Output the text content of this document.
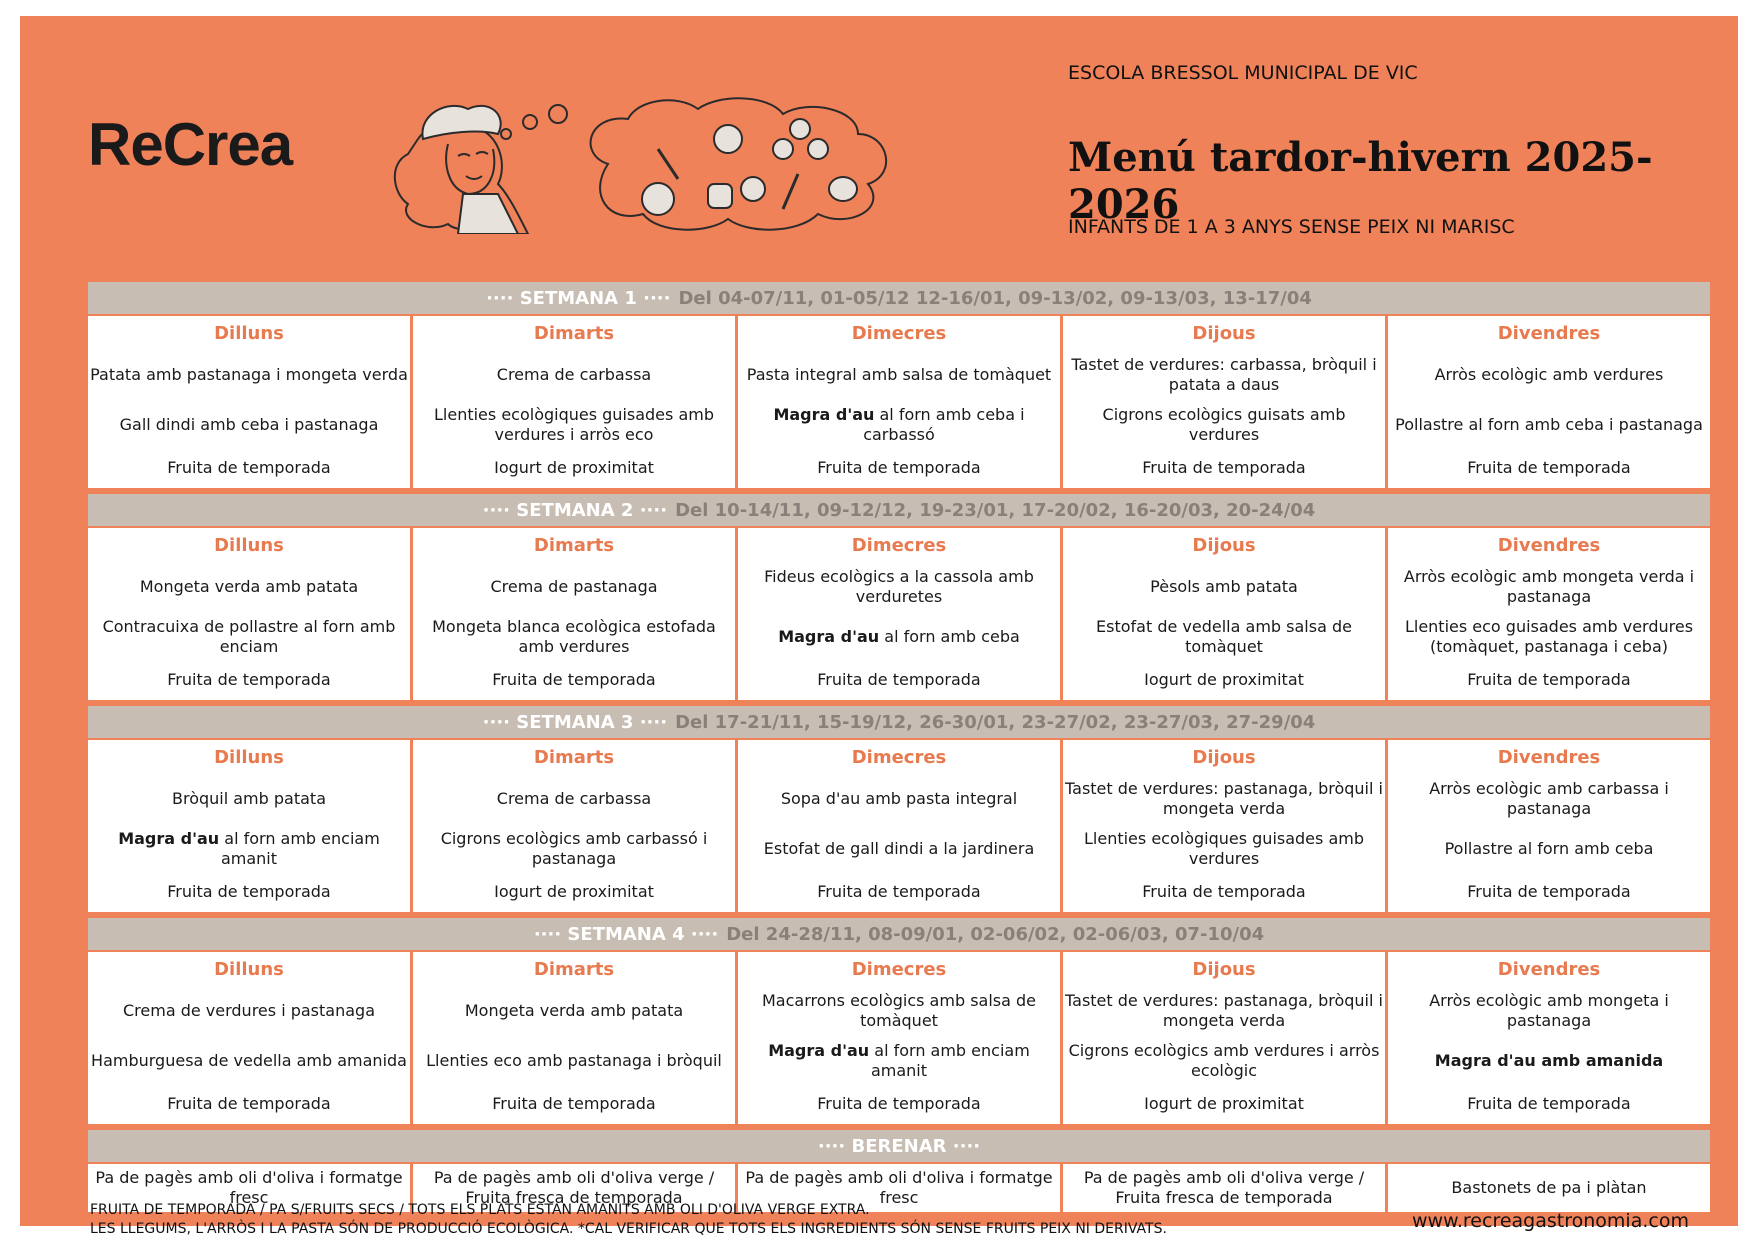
ReCrea
ESCOLA BRESSOL MUNICIPAL DE VIC
Menú tardor-hivern 2025-2026
INFANTS DE 1 A 3 ANYS SENSE PEIX NI MARISC
···· SETMANA 1 ···· Del 04-07/11, 01-05/12 12-16/01, 09-13/02, 09-13/03, 13-17/04
Dilluns
Patata amb pastanaga i mongeta verda
Gall dindi amb ceba i pastanaga
Fruita de temporada
Dimarts
Crema de carbassa
Llenties ecològiques guisades amb verdures i arròs eco
Iogurt de proximitat
Dimecres
Pasta integral amb salsa de tomàquet
Magra d'au al forn amb ceba i carbassó
Fruita de temporada
Dijous
Tastet de verdures: carbassa, bròquil i patata a daus
Cigrons ecològics guisats amb verdures
Fruita de temporada
Divendres
Arròs ecològic amb verdures
Pollastre al forn amb ceba i pastanaga
Fruita de temporada
···· SETMANA 2 ···· Del 10-14/11, 09-12/12, 19-23/01, 17-20/02, 16-20/03, 20-24/04
Dilluns
Mongeta verda amb patata
Contracuixa de pollastre al forn amb enciam
Fruita de temporada
Dimarts
Crema de pastanaga
Mongeta blanca ecològica estofada amb verdures
Fruita de temporada
Dimecres
Fideus ecològics a la cassola amb verduretes
Magra d'au al forn amb ceba
Fruita de temporada
Dijous
Pèsols amb patata
Estofat de vedella amb salsa de tomàquet
Iogurt de proximitat
Divendres
Arròs ecològic amb mongeta verda i pastanaga
Llenties eco guisades amb verdures (tomàquet, pastanaga i ceba)
Fruita de temporada
···· SETMANA 3 ···· Del 17-21/11, 15-19/12, 26-30/01, 23-27/02, 23-27/03, 27-29/04
Dilluns
Bròquil amb patata
Magra d'au al forn amb enciam amanit
Fruita de temporada
Dimarts
Crema de carbassa
Cigrons ecològics amb carbassó i pastanaga
Iogurt de proximitat
Dimecres
Sopa d'au amb pasta integral
Estofat de gall dindi a la jardinera
Fruita de temporada
Dijous
Tastet de verdures: pastanaga, bròquil i mongeta verda
Llenties ecològiques guisades amb verdures
Fruita de temporada
Divendres
Arròs ecològic amb carbassa i pastanaga
Pollastre al forn amb ceba
Fruita de temporada
···· SETMANA 4 ···· Del 24-28/11, 08-09/01, 02-06/02, 02-06/03, 07-10/04
Dilluns
Crema de verdures i pastanaga
Hamburguesa de vedella amb amanida
Fruita de temporada
Dimarts
Mongeta verda amb patata
Llenties eco amb pastanaga i bròquil
Fruita de temporada
Dimecres
Macarrons ecològics amb salsa de tomàquet
Magra d'au al forn amb enciam amanit
Fruita de temporada
Dijous
Tastet de verdures: pastanaga, bròquil i mongeta verda
Cigrons ecològics amb verdures i arròs ecològic
Iogurt de proximitat
Divendres
Arròs ecològic amb mongeta i pastanaga
Magra d'au amb amanida
Fruita de temporada
···· BERENAR ····
Pa de pagès amb oli d'oliva i formatge fresc
Pa de pagès amb oli d'oliva verge / Fruita fresca de temporada
Pa de pagès amb oli d'oliva i formatge fresc
Pa de pagès amb oli d'oliva verge / Fruita fresca de temporada
Bastonets de pa i plàtan
FRUITA DE TEMPORADA / PA S/FRUITS SECS / TOTS ELS PLATS ESTAN AMANITS AMB OLI D'OLIVA VERGE EXTRA.
LES LLEGUMS, L'ARRÒS I LA PASTA SÓN DE PRODUCCIÓ ECOLÒGICA. *CAL VERIFICAR QUE TOTS ELS INGREDIENTS SÓN SENSE FRUITS PEIX NI DERIVATS.	www.recreagastronomia.com
